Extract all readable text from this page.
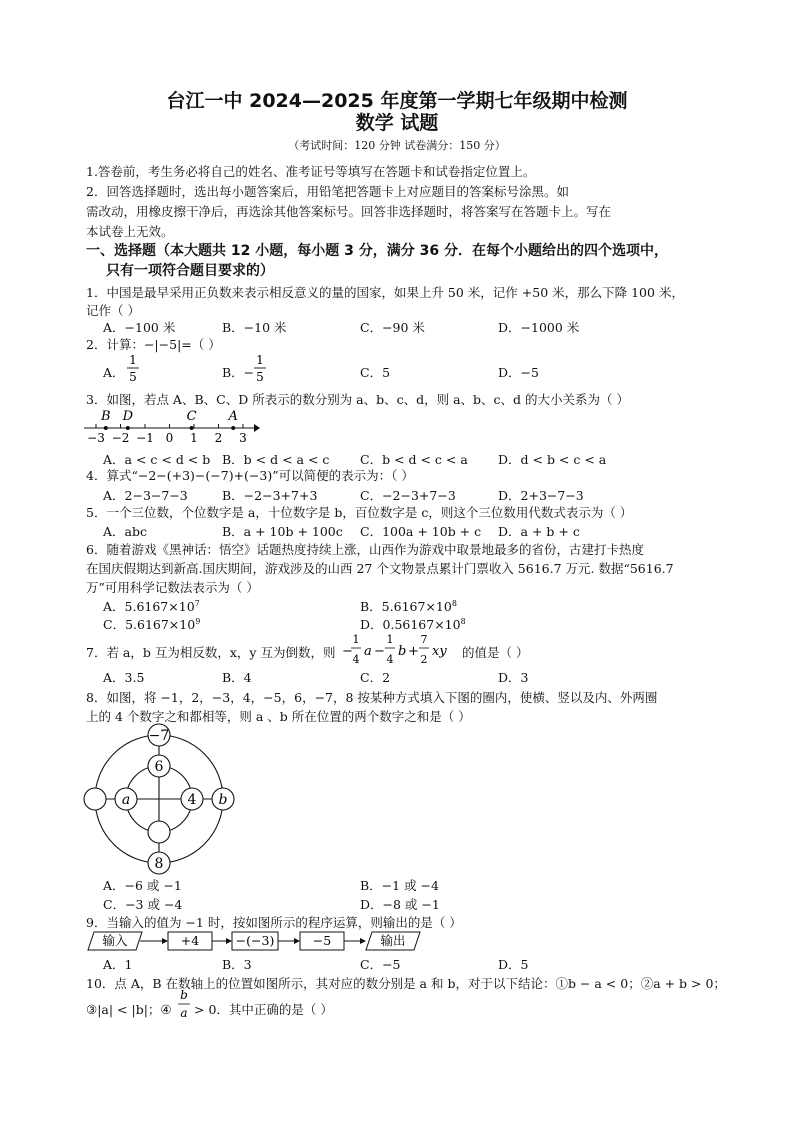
台江一中 2024—2025 年度第一学期七年级期中检测
数学 试题
（考试时间：120 分钟 试卷满分：150 分）
1.答卷前，考生务必将自己的姓名、准考证号等填写在答题卡和试卷指定位置上。
2．回答选择题时，选出每小题答案后，用铅笔把答题卡上对应题目的答案标号涂黑。如
需改动，用橡皮擦干净后，再选涂其他答案标号。回答非选择题时，将答案写在答题卡上。写在
本试卷上无效。
一、选择题（本大题共 12 小题，每小题 3 分，满分 36 分．在每个小题给出的四个选项中，
只有一项符合题目要求的）
1．中国是最早采用正负数来表示相反意义的量的国家，如果上升 50 米，记作 +50 米，那么下降 100 米，
记作（ ）
A．−100 米	B．−10 米	C．−90 米	D．−1000 米
2．计算：−|−5|=（ ）
A．
1
5	B．−
1
5	C．5	D．−5
3．如图，若点 A、B、C、D 所表示的数分别为 a、b、c、d，则 a、b、c、d 的大小关系为（ ）
−3 −2 −1 0 1 2 3
B D	C A
A．a < c < d < b B．b < d < a < c C．b < d < c < a D．d < b < c < a
4．算式“−2−(+3)−(−7)+(−3)”可以简便的表示为：（ ）
A．2−3−7−3	B．−2−3+7+3	C．−2−3+7−3	D．2+3−7−3
5．一个三位数，个位数字是 a，十位数字是 b，百位数字是 c，则这个三位数用代数式表示为（ ）
A．abc	B．a + 10b + 100c C．100a + 10b + c D．a + b + c
6．随着游戏《黑神话：悟空》话题热度持续上涨，山西作为游戏中取景地最多的省份，古建打卡热度
在国庆假期达到新高.国庆期间，游戏涉及的山西 27 个文物景点累计门票收入 5616.7 万元. 数据“5616.7
万”可用科学记数法表示为（ ）
A．$5.6167\times 10^7$	B．$5.6167\times 10^8$
C．$5.6167\times 10^9$	D．$0.56167\times 10^8$
7．若 a，b 互为相反数，x，y 互为倒数，则 −
1
4
a −
1
4
b +
7
2
xy 的值是（ ）
A．3.5	B．4	C．2	D．3
8．如图，将 −1，2，−3，4，−5，6，−7，8 按某种方式填入下图的圈内，使横、竖以及内、外两圈
上的 4 个数字之和都相等，则 a 、b 所在位置的两个数字之和是（ ）
−7
6
a	4 b
8
A．−6 或 −1	B．−1 或 −4
C．−3 或 −4	D．−8 或 −1
9．当输入的值为 −1 时，按如图所示的程序运算，则输出的是（ ）
输入	+4	−(−3)	−5	输出
A．1	B．3	C．−5	D．5
10．点 A，B 在数轴上的位置如图所示，其对应的数分别是 a 和 b，对于以下结论：①b − a < 0；②a + b > 0；
③|a| < |b|；④
b
a > 0．其中正确的是（ ）
